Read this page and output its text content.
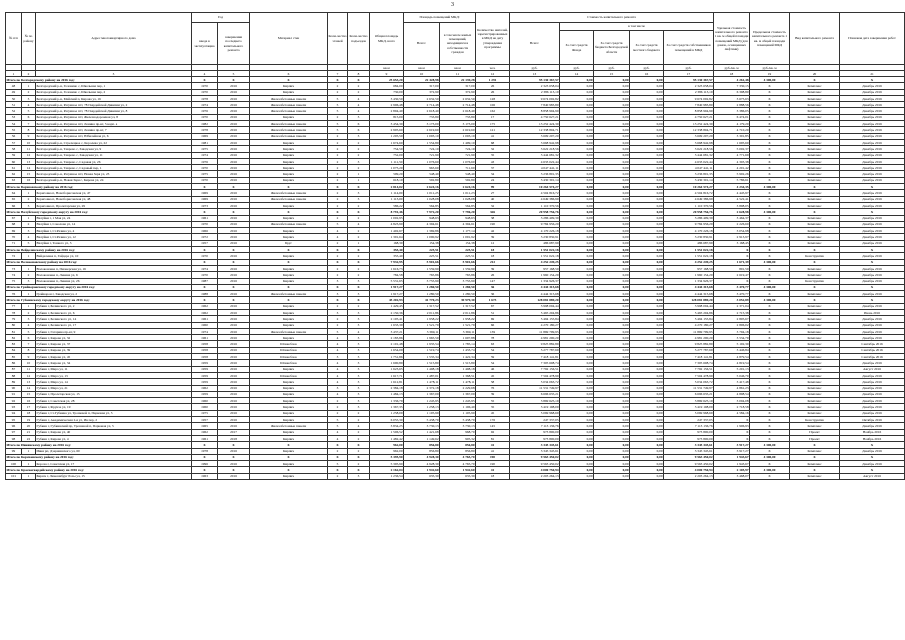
3
№ п/п	№ по району	Адрес многоквартирного дома	Год		Материал стен	Коли-чество этажей	Коли-чество подъездов	Общая площадь МКД, всего	Площадь помещений МКД:		Количество жителей, зарегистрированных в МКД на дату утверждения программы	Стоимость капитального ремонта					Удельная стоимость капитального ремонта 1 кв. м общей площади помещений МКД (для домов, оснащенных лифтами)	Предельная стоимость капитального ремонта 1 кв. м общей площади помещений МКД	Вид капитального ремонта	Плановая дата завершения работ
			ввода в эксплуатацию	завершения последнего капитального ремонта					Всего:	в том числе жилых помещений, находящихся в собственности граждан		Всего:	в том числе							
													За счет средств Фонда	За счет средств бюджета Белгородской области	За счет средств местного бюджета	За счет средств собственников помещений в МКД				
								кв.м	кв.м	кв.м	чел.	руб.	руб.	руб.	руб.	руб.	руб./кв. м	руб./кв. м		
1	2	3	4	5	6	7	8	9	10	11	12	13	14	15	16	17	18	19	20	21
Итого по Белгородскому району на 2016 год:			X	X	X	X	X	25 653,20	22 428,98	22 139,28	1 291	95 130 367,57	0,00	0,00	0,00	95 130 367,57	4 261,48	4 300,00	X	X
48	1	Белгородский р-н, Головино с, Школьная пер, 1	1970	2016	Кирпич	2	2	684,00	317,00	317,00	26	2 323 658,04	0,00	0,00	0,00	2 323 658,04	7 330,15	X	Комплекс	Декабрь 2016
49	2	Белгородский р-н, Головино с, Школьная пер, 2	1970	2016	Кирпич	2	2	730,00	372,90	372,90	26	2 386 113,19	0,00	0,00	0,00	2 386 113,19	6 398,80	X	Комплекс	Декабрь 2016
50	3	Белгородский р-н, Майский п, Кирова ул, 16	1978	2016	Железобетонные панели	5	4	3 430,50	2 632,50	2 632,50	128	9 674 092,82	0,00	0,00	0,00	9 674 092,82	3 675,63	X	Комплекс	Декабрь 2016
51	4	Белгородский р-н, Разумное пгт, 78 Гвардейской Дивизии ул, 2	1974	2016	Железобетонные панели	5	4	2 996,48	2 714,48	2 714,48	106	7 840 983,80	0,00	0,00	0,00	7 840 983,80	2 888,56	X	Комплекс	Декабрь 2016
52	5	Белгородский р-н, Разумное пгт, 78 Гвардейской Дивизии ул, 8	1976	2016	Железобетонные панели	5	4	2 894,40	2 618,40	2 618,40	162	8 858 994,90	0,00	0,00	0,00	8 858 994,90	3 386,05	X	Комплекс	Декабрь 2016
53	6	Белгородский р-н, Разумное пгт, Железнодорожная ул, 8	1970	2016	Кирпич	2	3	815,00	733,80	733,80	17	4 750 627,21	0,00	0,00	0,00	4 750 627,21	6 474,01	X	Комплекс	Декабрь 2016
54	7	Белгородский р-н, Разумное пгт, Ленина пр-кт, 5 корп. а	1982	2016	Железобетонные панели	5	6	3 454,30	3 173,00	3 173,00	175	13 252 424,30	0,00	0,00	0,00	13 252 424,30	4 179,20	X	Комплекс	Декабрь 2016
55	8	Белгородский р-н, Разумное пгт, Ленина пр-кт, 7	1978	2016	Железобетонные панели	5	6	2 905,60	2 619,60	2 619,60	121	12 338 804,71	0,00	0,00	0,00	12 338 804,71	4 710,20	X	Комплекс	Декабрь 2016
56	9	Белгородский р-н, Разумное пгт, Юбилейная ул, 6	1969	2016	Железобетонные панели	2	3	1 205,50	1 093,10	1 093,10	41	3 609 207,20	0,00	0,00	0,00	3 609 207,20	3 301,85	X	Комплекс	Декабрь 2016
57	10	Белгородский р-н, Стрелецкое с, Королева ул, 22	1981	2016	Кирпич	2	2	1 674,60	1 554,89	1 499,10	68	3 668 942,98	0,00	0,00	0,00	3 668 942,98	1 695,60	X	Комплекс	Декабрь 2016
58	11	Белгородский р-н, Таврово с, Заводская ул, 9	1975	2016	Кирпич	2	2	754,50	724,10	724,10	32	3 622 218,56	0,00	0,00	0,00	3 622 218,56	5 002,37	X	Комплекс	Декабрь 2016
59	12	Белгородский р-н, Таврово с, Заводская ул, 11	1974	2016	Кирпич	2	2	752,00	721,90	721,90	35	3 444 681,32	0,00	0,00	0,00	3 444 681,32	4 771,69	X	Комплекс	Декабрь 2016
60	13	Белгородский р-н, Таврово с, Садовая ул, 26	1976	2016	Кирпич	2	3	1 111,50	1 076,60	1 076,60	43	4 633 022,44	0,00	0,00	0,00	4 633 022,44	4 303,38	X	Комплекс	Декабрь 2016
61	14	Белгородский р-н, Таврово с, Садовый пер, 1	1970	2016	Кирпич	2	2	1 075,20	963,60	711,60	37	4 047 441,11	0,00	0,00	0,00	4 047 441,11	4 201,42	X	Комплекс	Декабрь 2016
62	15	Белгородский р-н, Разумное пгт, Новая Заря ул, 23	1975	2016	Кирпич	2	1	599,20	548,40	548,40	34	3 236 801,35	0,00	0,00	0,00	3 236 801,35	5 902,26	X	Комплекс	Декабрь 2016
63	16	Белгородский р-н, Новая Заря с, Кирова ул, 24	1970	2016	Кирпич	2	1	618,10	592,80	592,80	24	3 430 301,14	0,00	0,00	0,00	3 430 301,14	5 786,61	X	Комплекс	Декабрь 2016
Итого по Борисовскому району на 2016 год:			X	X	X	X	X	2 814,02	2 624,16	2 624,16	99	10 264 574,27	0,00	0,00	0,00	10 264 574,27	4 234,35	4 300,00	X	X
64	1	Борисовка п, Новоборисовская ул, 47	1969	2016	Железобетонные панели	2	3	1 114,00	1 011,23	1 011,23	27	4 504 816,72	0,00	0,00	0,00	4 504 816,72	4 445,97	X	Комплекс	Декабрь 2016
65	2	Борисовка п, Новоборисовская ул, 48	1969	2016	Железобетонные панели	2	3	1 113,00	1 028,08	1 028,08	40	4 649 386,99	0,00	0,00	0,00	4 649 386,99	4 522,41	X	Комплекс	Декабрь 2016
66	3	Борисовка п, Пролетарская ул, 29	1973	2016	Кирпич	2	2	586,22	564,85	564,85	32	1 110 370,56	0,00	0,00	0,00	1 110 370,56	3 898,05	X	Комплекс	Декабрь 2016
Итого по Валуйскому городскому округу на 2016 год:			X	X	X	X	X	8 791,46	7 972,20	7 796,20	326	20 958 756,76	0,00	0,00	0,00	20 958 756,76	2 628,98	4 300,00	X	X
67	1	Валуйки г, 1 Мая ул, 24	1961	2016	Кирпич	2	2	1 002,95	948,63	948,63	38	3 286 409,39	0,00	0,00	0,00	3 286 409,39	3 464,37	X	Комплекс	Декабрь 2016
68	2	Валуйки г, Соколова ул, 14	1970	2016	Железобетонные панели	5	4	4 823,90	4 394,61	4 394,61	190	9 784 956,29	0,00	0,00	0,00	9 784 956,29	2 226,60	X	Комплекс	Декабрь 2016
69	3	Валуйки г, Ст.Разина ул, 4	1966	2016	Кирпич	4	2	1 402,67	1 369,86	1 177,14	42	4 170 226,18	0,00	0,00	0,00	4 170 226,18	3 054,98	X	Комплекс	Декабрь 2016
70	4	Валуйки г, Ст.Разина ул, 12	1972	2016	Кирпич	4	2	1 391,64	1 090,92	1 091,92	39	3 230 830,91	0,00	0,00	0,00	3 230 830,91	2 913,97	X	Комплекс	Декабрь 2016
71	5	Валуйки г, Тонкого ул, 3	1957	2016	Брус	2	1	168,30	154,38	154,38	12	486 687,99	0,00	0,00	0,00	486 687,99	3 168,45	X	Комплекс	Декабрь 2016
Итого по Вейделевскому району на 2016 год:			X	X	X	X	X	355,40	225,51	225,51	18	1 551 022,18	0,00	0,00	0,00	1 551 022,18	X	X	X	X
72	1	Вейделевка п, Гайдара ул, 10	1970	2016	Кирпич	2	2	355,40	225,51	225,51	18	1 551 022,18	0,00	0,00	0,00	1 551 022,18	X	X	Конструктив	Декабрь 2016
Итого по Волоконовскому району на 2016 год:			X	X	X	X	X	7 932,95	5 901,66	5 901,66	212	4 252 249,25	0,00	0,00	0,00	4 252 249,25	1 671,39	4 300,00	X	X
73	1	Волоконовка п, Пионерская ул, 16	1974	2016	Кирпич	2	2	1 616,73	1 559,90	1 559,90	39	957 168,59	0,00	0,00	0,00	957 168,59	891,59	X	Комплекс	Декабрь 2016
74	2	Волоконовка п, Ленина ул, 6	1970	2016	Кирпич	2	2	784,58	765,86	765,86	26	1 960 154,29	0,00	0,00	0,00	1 960 154,29	2 619,47	X	Комплекс	Декабрь 2016
75	3	Волоконовка п, Ленина ул, 26	1987	2016	Кирпич	3	3	5 531,65	3 755,90	3 755,90	147	1 334 926,37	0,00	0,00	0,00	1 334 926,37	X	X	Конструктив	Декабрь 2016
Итого по Грайворонскому городскому округу на 2016 год:			X	X	X	X	X	1 917,27	1 280,50	1 280,50	36	4 444 315,68	0,00	0,00	0,00	4 444 315,68	3 470,77	4 300,00	X	X
76	1	Грайворон г, Заводская ул, 2	1988	2016	Железобетонные панели	3	3	1 917,27	1 280,50	1 280,50	36	4 444 315,68	0,00	0,00	0,00	4 444 315,68	3 470,77	X	Комплекс	Декабрь 2016
Итого по Губкинскому городскому округу на 2016 год:			X	X	X	X	X	45 202,93	41 770,23	39 979,30	1 673	128 081 889,20	0,00	0,00	0,00	128 081 889,20	3 052,89	4 300,00	X	X
77	1	Губкин г, Белинского ул, 2	1962	2016	Кирпич	2	2	1 429,45	1 317,52	1 317,52	67	3 998 094,44	0,00	0,00	0,00	3 998 094,44	2 371,04	X	Комплекс	Декабрь 2016
78	2	Губкин г, Белинского ул, 6	1962	2016	Кирпич	3	3	2 150,36	2 011,86	2 011,86	51	5 465 204,86	0,00	0,00	0,00	5 465 204,86	2 715,38	X	Комплекс	Июнь 2016
79	3	Губкин г, Белинского ул, 14	1961	2016	Кирпич	2	3	2 105,41	1 958,22	1 958,22	69	5 494 155,84	0,00	0,00	0,00	5 494 155,84	2 805,67	X	Комплекс	Декабрь 2016
80	4	Губкин г, Белинского ул, 17	1960	2016	Кирпич	2	3	1 633,39	1 521,79	1 521,79	66	4 270 180,27	0,00	0,00	0,00	4 270 180,27	2 806,02	X	Комплекс	Декабрь 2016
81	5	Губкин г, Гагарина пр-кт, 9	1974	2016	Железобетонные панели	5	4	3 437,21	3 369,11	3 369,11	139	11 869 799,95	0,00	0,00	0,00	11 869 799,95	3 794,18	X	Комплекс	Декабрь 2016
82	6	Губкин г, Кирова ул, 32	1961	2016	Кирпич	4	3	2 183,86	1 965,59	1 697,88	78	4 981 290,20	0,00	0,00	0,00	4 981 290,20	3 534,79	X	Комплекс	Декабрь 2016
83	7	Губкин г, Кирова ул, 37	1958	2016	Шлакоблок	4	3	2 101,48	1 935,54	1 785,14	63	9 825 882,89	0,00	0,00	0,00	9 825 882,89	5 102,30	X	Комплекс	Сентябрь 2016
84	8	Губкин г, Кирова ул, 39	1958	2016	Шлакоблок	4	3	1 654,09	1 519,74	1 433,74	54	5 277 787,69	0,00	0,00	0,00	5 277 787,69	3 446,84	X	Комплекс	Сентябрь 2016
85	9	Губкин г, Кирова ул, 45	1958	2016	Шлакоблок	3	3	1 751,86	1 535,34	1 422,34	59	7 418 141,81	0,00	0,00	0,00	7 418 141,81	4 879,54	X	Комплекс	Сентябрь 2016
86	10	Губкин г, Кирова ул, 34	1959	2016	Шлакоблок	4	3	1 690,89	1 515,80	1 515,80	54	7 305 608,74	0,00	0,00	0,00	7 305 608,74	4 819,54	X	Комплекс	Декабрь 2016
87	11	Губкин г, Мира ул, 11	1959	2016	Кирпич	4	3	1 623,65	1 498,18	1 498,18	46	7 792 156,51	0,00	0,00	0,00	7 792 156,51	5 201,13	X	Комплекс	Август 2016
88	12	Губкин г, Мира ул, 13	1959	2016	Шлакоблок	4	3	1 617,71	1 487,01	1 368,51	45	7 504 478,99	0,00	0,00	0,00	7 504 478,99	5 046,70	X	Комплекс	Декабрь 2016
89	13	Губкин г, Мира ул, 14	1959	2016	Кирпич	4	3	1 612,81	1 478,11	1 478,11	58	5 034 063,72	0,00	0,00	0,00	5 034 063,72	3 417,48	X	Комплекс	Декабрь 2016
90	14	Губкин г, Мира ул, 21	1962	2016	Кирпич	3	3	2 384,18	2 372,18	2 229,68	76	11 531 749,97	0,00	0,00	0,00	11 531 749,97	4 861,23	X	Комплекс	Декабрь 2016
91	15	Губкин г, Пролетарская ул, 15	1959	2016	Кирпич	4	3	1 484,13	1 367,09	1 367,09	39	6 696 635,21	0,00	0,00	0,00	6 696 635,21	4 898,54	X	Комплекс	Декабрь 2016
92	16	Губкин г, Советская ул, 28	1960	2016	Кирпич	2	3	1 336,79	1 245,95	1 245,95	55	3 869 625,19	0,00	0,00	0,00	3 869 625,19	3 094,08	X	Комплекс	Декабрь 2016
93	17	Губкин г, Фрунзе ул, 19	1960	2016	Кирпич	2	3	1 367,35	1 258,13	1 196,40	35	3 419 198,09	0,00	0,00	0,00	3 419 198,09	2 718,58	X	Комплекс	Декабрь 2016
94	18	Губкин г, Ст.Губкина ул, Трошевой п, Парковая ул, 3	1975	2016	Кирпич	2	2	1 258,09	1 105,99	1 105,99	45	5 069 968,69	0,00	0,00	0,00	5 069 968,69	4 584,16	X	Комплекс	Декабрь 2016
95	19	Губкин г, Академическая 2-я ул, Ив пер, 2	1957	2016	Кирпич	5	2	6 055,30	5 438,70	5 438,70	176	247 337,05	0,00	0,00	0,00	247 337,05	X	X	Конструктив	Октябрь 2016
96	20	Губкин г, Губкинский пр, Трошевой п, Парковая ул, 5	1965	2016	Железобетонные панели	5	4	3 834,25	3 730,13	3 730,13	145	7 113 136,76	0,00	0,00	0,00	7 113 136,76	1 906,93	X	Комплекс	Декабрь 2016
97	21	Губкин г, Кирова ул, 40	1962	2017	Кирпич	4	2	1 506,52	1 421,68	968,70	92	973 800,00	0,00	0,00	0,00	973 800,00	X	X	Проект	Ноябрь 2016
98	22	Губкин г, Кирова ул, 4	1961	2018	Кирпич	4	2	1 482,42	1 149,62	905,32	81	973 800,00	0,00	0,00	0,00	973 800,00	X	X	Проект	Ноябрь 2016
Итого по Ивнянскому району на 2016 год:			X	X	X	X	X	962,00	856,80	856,80	41	3 345 345,61	0,00	0,00	0,00	3 345 345,61	3 917,27	4 300,00	X	X
99	1	Ивня рп, Дзержинского ул, 60	1978	2016	Кирпич	2	2	962,00	856,80	856,80	41	3 345 345,61	0,00	0,00	0,00	3 345 345,61	3 917,27	X	Комплекс	Декабрь 2016
Итого по Корочанскому району на 2016 год:			X	X	X	X	X	5 395,90	4 928,30	4 765,70	190	9 563 450,02	0,00	0,00	0,00	9 563 450,02	1 943,67	4 300,00	X	X
100	1	Короча г, Советская ул, 17	1996	2016	Кирпич	5	2	5 395,90	4 928,30	4 765,70	190	9 563 450,02	0,00	0,00	0,00	9 563 450,02	1 943,67	X	Комплекс	Декабрь 2016
Итого по Красногвардейскому району на 2016 год:			X	X	X	X	X	2 162,04	1 942,60	1 942,60	41	4 000 750,94	0,00	0,00	0,00	4 000 750,94	2 105,97	4 300,00	X	X
101	1	Бирюч г, Люксембург Розы ул, 15	1963	2016	Кирпич	2	3	1 236,54	635,30	635,30	18	2 203 264,13	0,00	0,00	0,00	2 203 264,13	3 468,07	X	Комплекс	Август 2016
